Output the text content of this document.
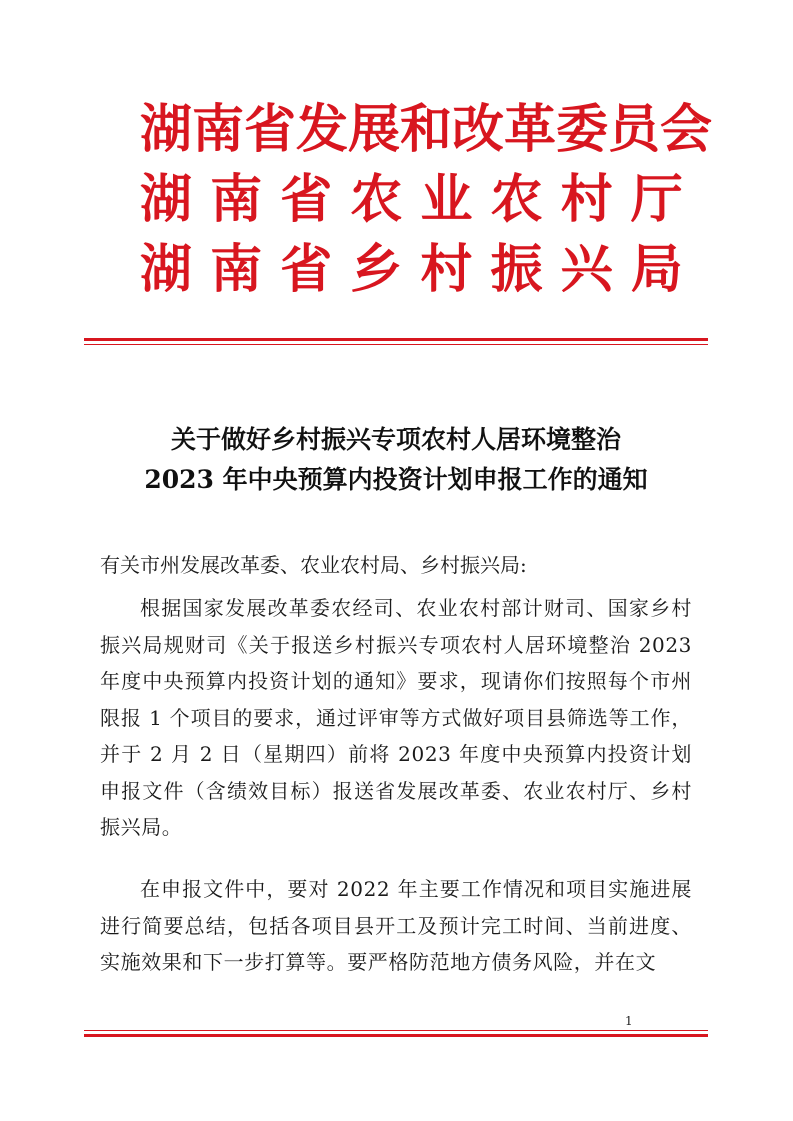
湖南省发展和改革委员会
湖 南 省 农 业 农 村 厅
湖 南 省 乡 村 振 兴 局
关于做好乡村振兴专项农村人居环境整治
2023 年中央预算内投资计划申报工作的通知
有关市州发展改革委、农业农村局、乡村振兴局:
根据国家发展改革委农经司、农业农村部计财司、国家乡村振兴局规财司《关于报送乡村振兴专项农村人居环境整治 2023 年度中央预算内投资计划的通知》要求，现请你们按照每个市州限报 1 个项目的要求，通过评审等方式做好项目县筛选等工作，并于 2 月 2 日（星期四）前将 2023 年度中央预算内投资计划申报文件（含绩效目标）报送省发展改革委、农业农村厅、乡村振兴局。
在申报文件中，要对 2022 年主要工作情况和项目实施进展进行简要总结，包括各项目县开工及预计完工时间、当前进度、实施效果和下一步打算等。要严格防范地方债务风险，并在文
1
